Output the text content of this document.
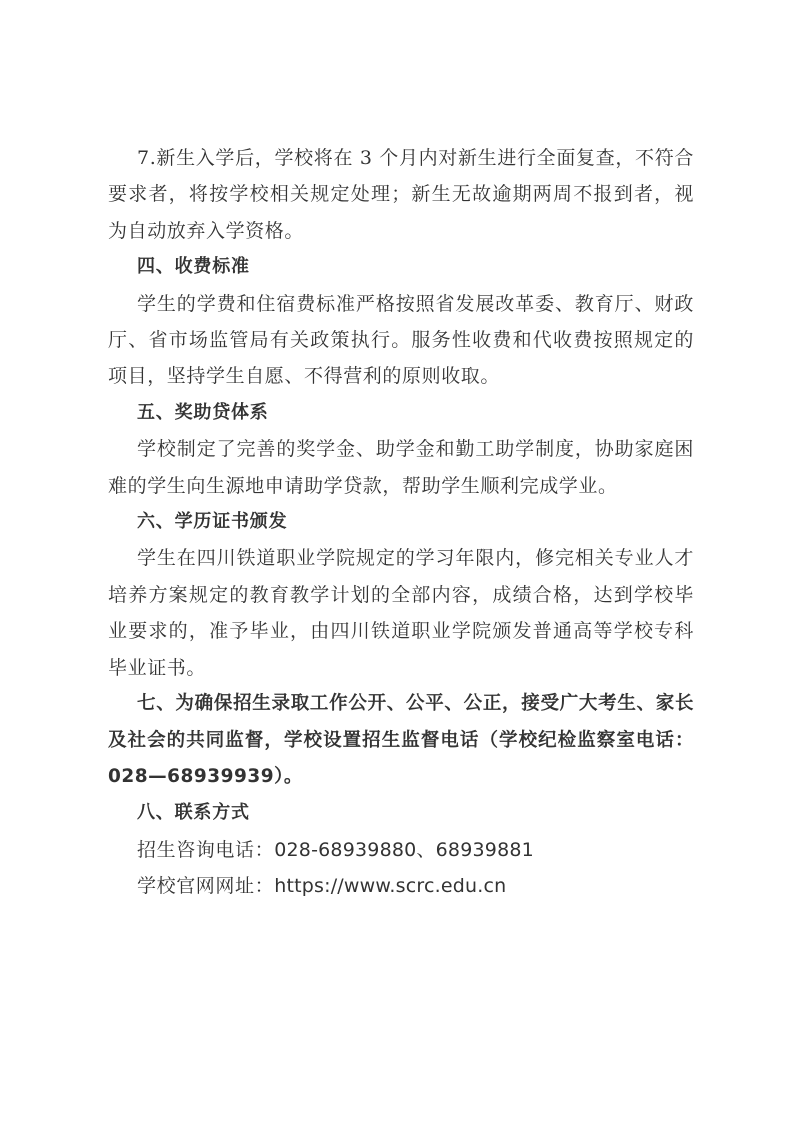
7.新生入学后，学校将在 3 个月内对新生进行全面复查，不符合要求者，将按学校相关规定处理；新生无故逾期两周不报到者，视为自动放弃入学资格。

四、收费标准

学生的学费和住宿费标准严格按照省发展改革委、教育厅、财政厅、省市场监管局有关政策执行。服务性收费和代收费按照规定的项目，坚持学生自愿、不得营利的原则收取。

五、奖助贷体系

学校制定了完善的奖学金、助学金和勤工助学制度，协助家庭困难的学生向生源地申请助学贷款，帮助学生顺利完成学业。

六、学历证书颁发

学生在四川铁道职业学院规定的学习年限内，修完相关专业人才培养方案规定的教育教学计划的全部内容，成绩合格，达到学校毕业要求的，准予毕业，由四川铁道职业学院颁发普通高等学校专科毕业证书。

七、为确保招生录取工作公开、公平、公正，接受广大考生、家长及社会的共同监督，学校设置招生监督电话（学校纪检监察室电话：028—68939939）。

八、联系方式

招生咨询电话：028-68939880、68939881

学校官网网址：https://www.scrc.edu.cn
